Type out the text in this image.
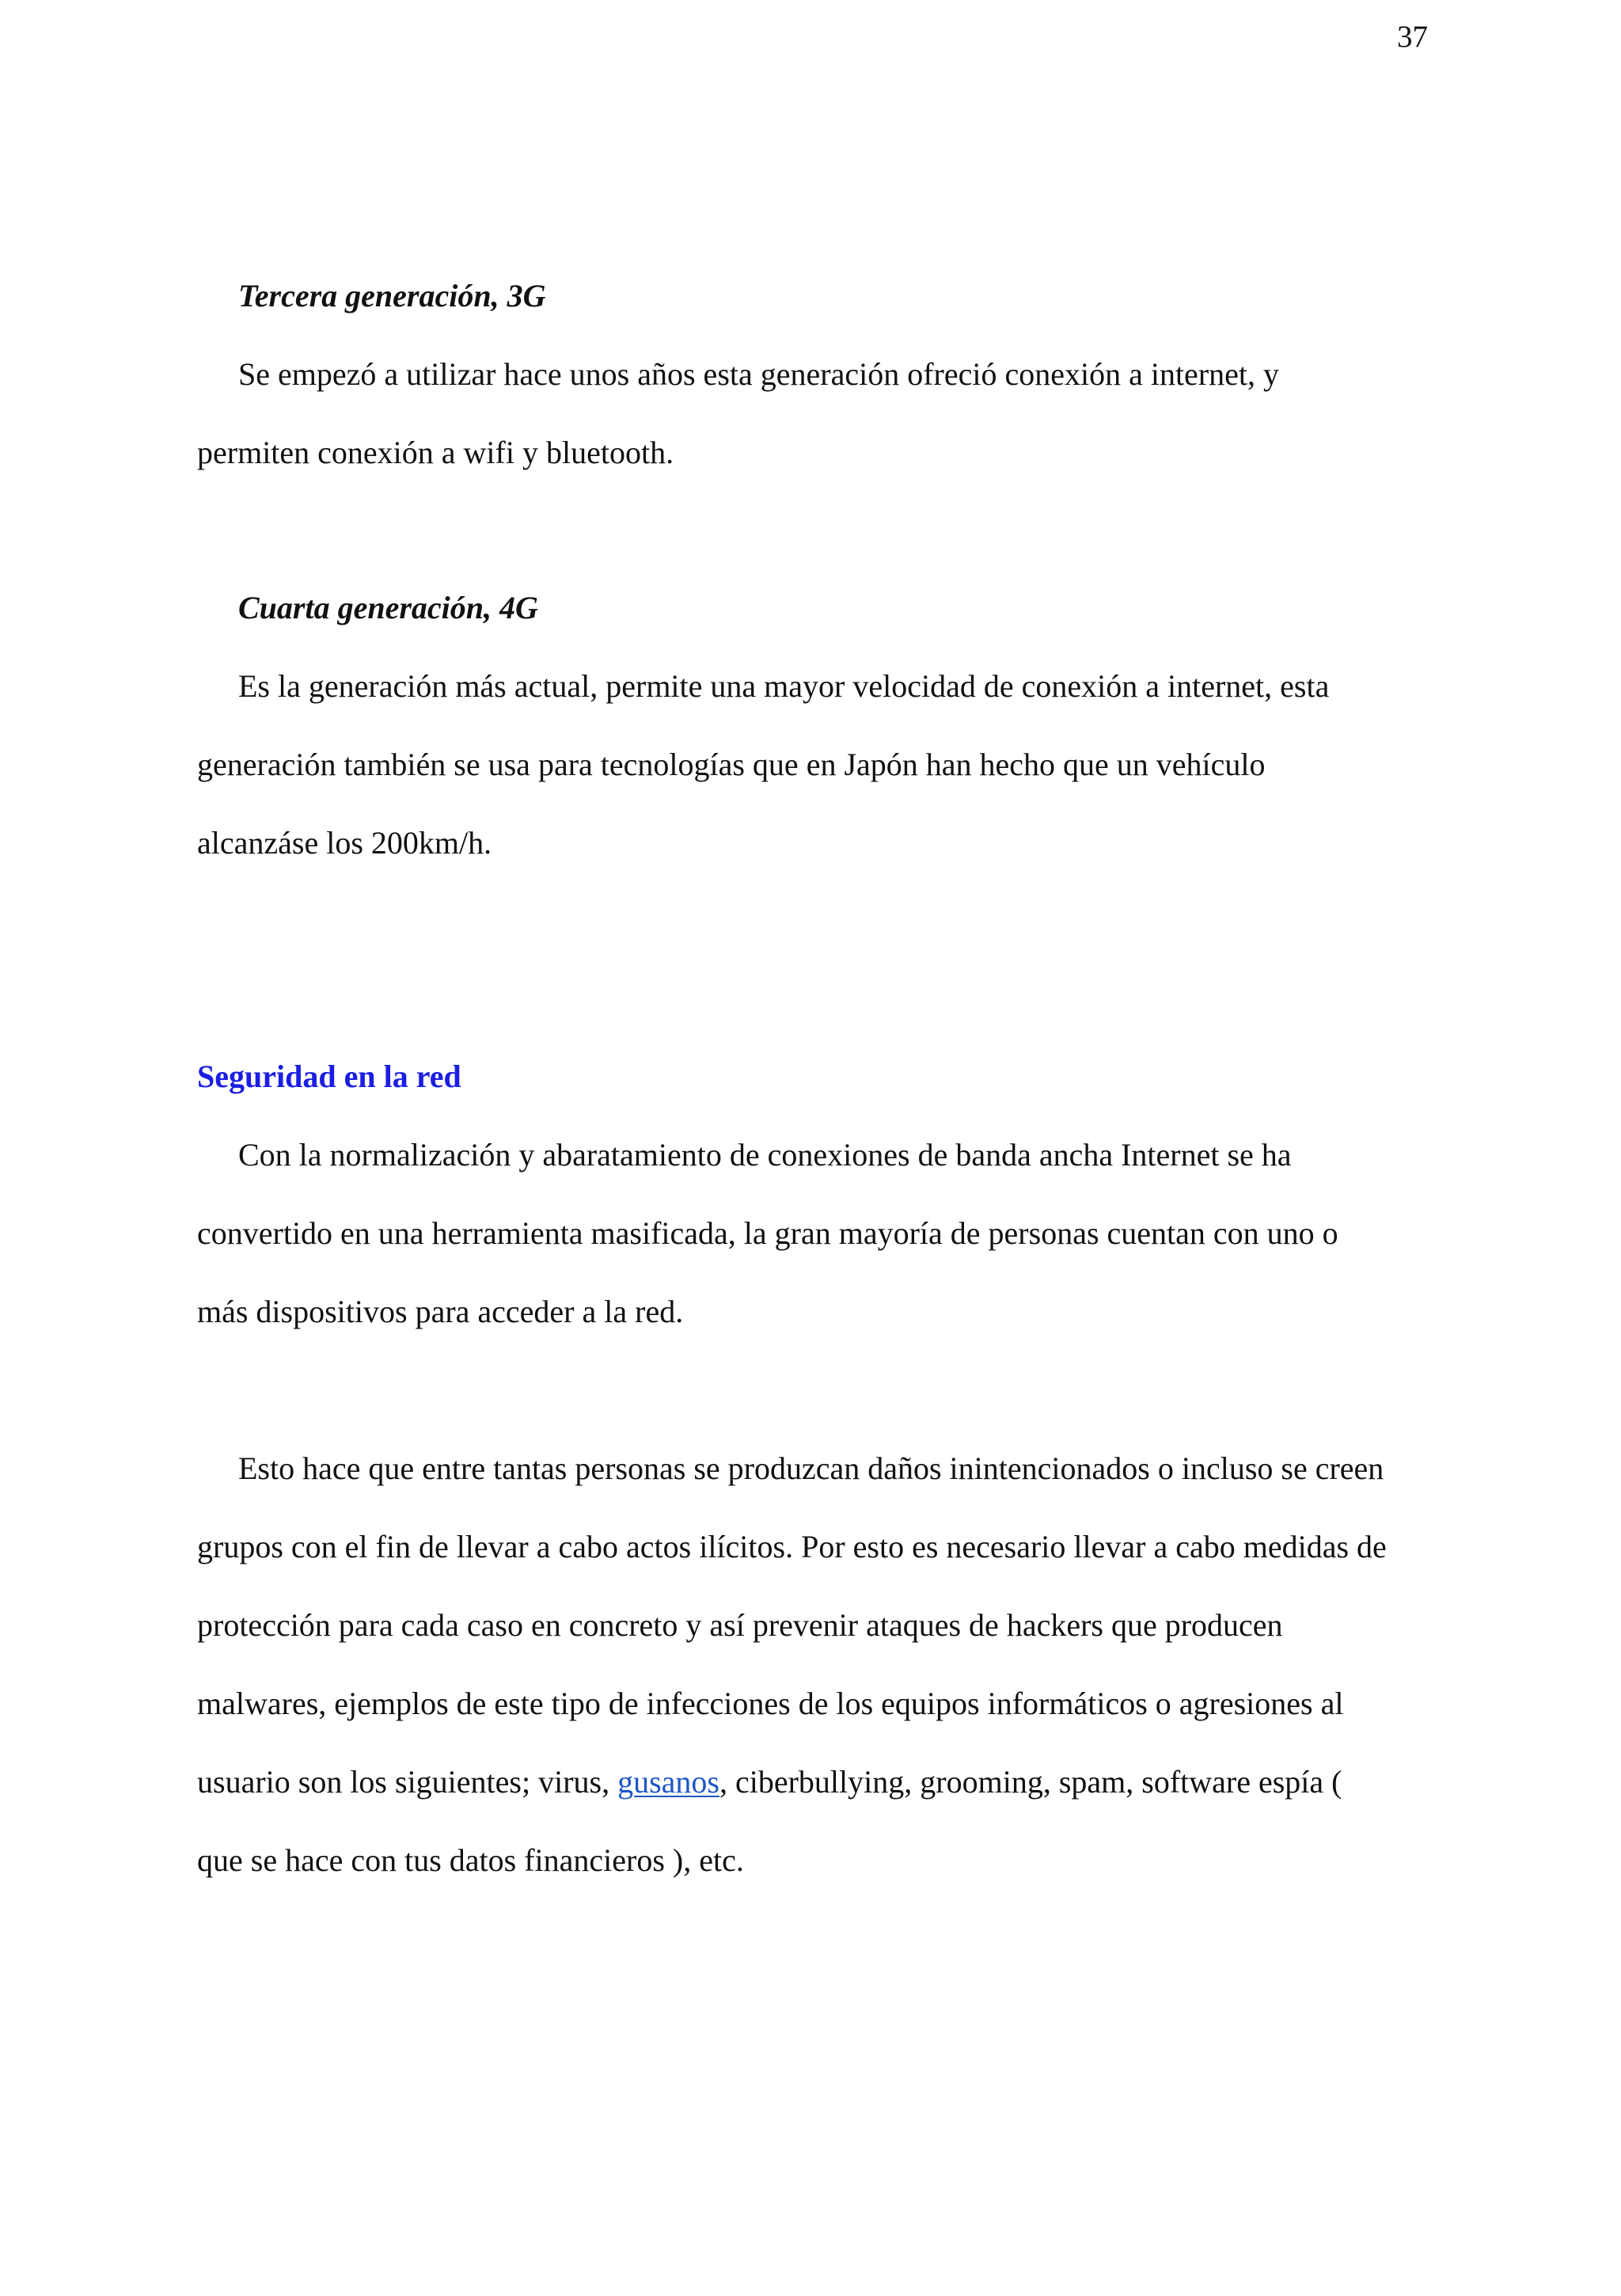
37
Tercera generación, 3G
Se empezó a utilizar hace unos años esta generación ofreció conexión a internet, y
permiten conexión a wifi y bluetooth.
Cuarta generación, 4G
Es la generación más actual, permite una mayor velocidad de conexión a internet, esta
generación también se usa para tecnologías que en Japón han hecho que un vehículo
alcanzáse los 200km/h.
Seguridad en la red
Con la normalización y abaratamiento de conexiones de banda ancha Internet se ha
convertido en una herramienta masificada, la gran mayoría de personas cuentan con uno o
más dispositivos para acceder a la red.
Esto hace que entre tantas personas se produzcan daños inintencionados o incluso se creen
grupos con el fin de llevar a cabo actos ilícitos. Por esto es necesario llevar a cabo medidas de
protección para cada caso en concreto y así prevenir ataques de hackers que producen
malwares, ejemplos de este tipo de infecciones de los equipos informáticos o agresiones al
usuario son los siguientes; virus, gusanos, ciberbullying, grooming, spam, software espía (
que se hace con tus datos financieros ), etc.
